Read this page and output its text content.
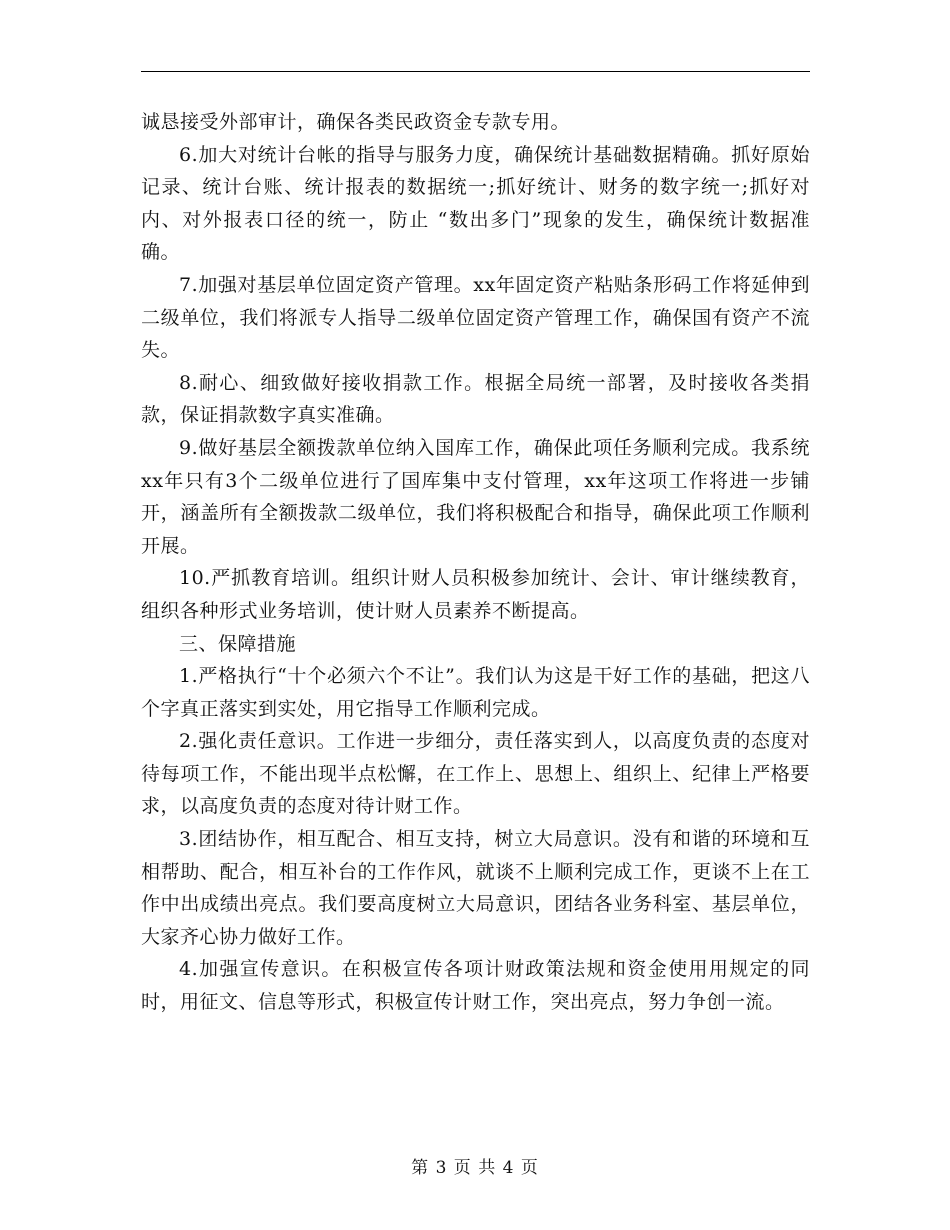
诚恳接受外部审计，确保各类民政资金专款专用。

6.加大对统计台帐的指导与服务力度，确保统计基础数据精确。抓好原始记录、统计台账、统计报表的数据统一;抓好统计、财务的数字统一;抓好对内、对外报表口径的统一，防止 “数出多门”现象的发生，确保统计数据准确。

7.加强对基层单位固定资产管理。xx年固定资产粘贴条形码工作将延伸到二级单位，我们将派专人指导二级单位固定资产管理工作，确保国有资产不流失。

8.耐心、细致做好接收捐款工作。根据全局统一部署，及时接收各类捐款，保证捐款数字真实准确。

9.做好基层全额拨款单位纳入国库工作，确保此项任务顺利完成。我系统xx年只有3个二级单位进行了国库集中支付管理，xx年这项工作将进一步铺开，涵盖所有全额拨款二级单位，我们将积极配合和指导，确保此项工作顺利开展。

10.严抓教育培训。组织计财人员积极参加统计、会计、审计继续教育，组织各种形式业务培训，使计财人员素养不断提高。

三、保障措施

1.严格执行“十个必须六个不让”。我们认为这是干好工作的基础，把这八个字真正落实到实处，用它指导工作顺利完成。

2.强化责任意识。工作进一步细分，责任落实到人，以高度负责的态度对待每项工作，不能出现半点松懈，在工作上、思想上、组织上、纪律上严格要求，以高度负责的态度对待计财工作。

3.团结协作，相互配合、相互支持，树立大局意识。没有和谐的环境和互相帮助、配合，相互补台的工作作风，就谈不上顺利完成工作，更谈不上在工作中出成绩出亮点。我们要高度树立大局意识，团结各业务科室、基层单位，大家齐心协力做好工作。

4.加强宣传意识。在积极宣传各项计财政策法规和资金使用用规定的同时，用征文、信息等形式，积极宣传计财工作，突出亮点，努力争创一流。

第 3 页 共 4 页
